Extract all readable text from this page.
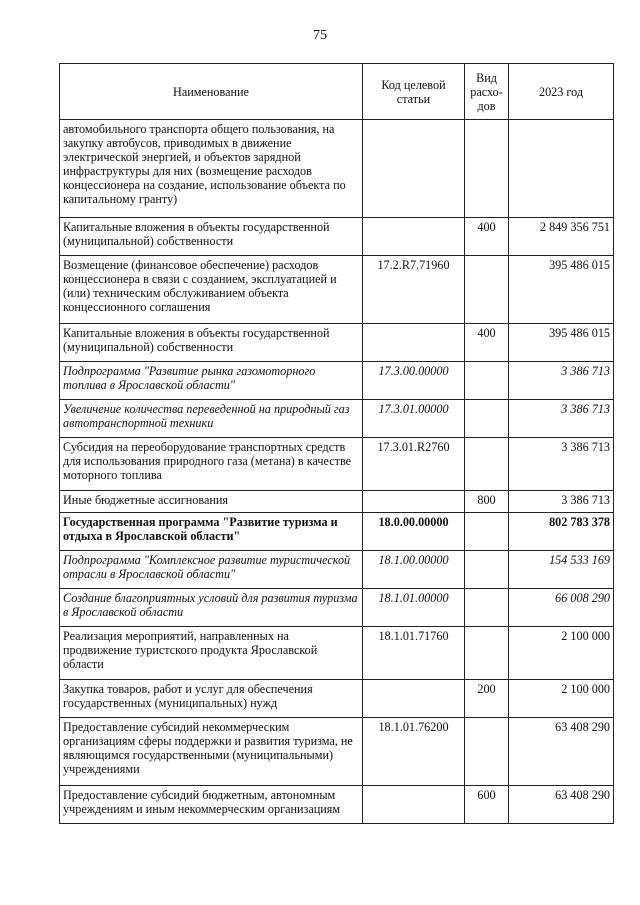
75
Наименование	Код целевой статьи	Вид расхо-дов	2023 год
автомобильного транспорта общего пользования, на закупку автобусов, приводимых в движение электрической энергией, и объектов зарядной инфраструктуры для них (возмещение расходов концессионера на создание, использование объекта по капитальному гранту)			
Капитальные вложения в объекты государственной (муниципальной) собственности		400	2 849 356 751
Возмещение (финансовое обеспечение) расходов концессионера в связи с созданием, эксплуатацией и (или) техническим обслуживанием объекта концессионного соглашения	17.2.R7.71960		395 486 015
Капитальные вложения в объекты государственной (муниципальной) собственности		400	395 486 015
Подпрограмма "Развитие рынка газомоторного топлива в Ярославской области"	17.3.00.00000		3 386 713
Увеличение количества переведенной на природный газ автотранспортной техники	17.3.01.00000		3 386 713
Субсидия на переоборудование транспортных средств для использования природного газа (метана) в качестве моторного топлива	17.3.01.R2760		3 386 713
Иные бюджетные ассигнования		800	3 386 713
Государственная программа "Развитие туризма и отдыха в Ярославской области"	18.0.00.00000		802 783 378
Подпрограмма "Комплексное развитие туристической отрасли в Ярославской области"	18.1.00.00000		154 533 169
Создание благоприятных условий для развития туризма в Ярославской области	18.1.01.00000		66 008 290
Реализация мероприятий, направленных на продвижение туристского продукта Ярославской области	18.1.01.71760		2 100 000
Закупка товаров, работ и услуг для обеспечения государственных (муниципальных) нужд		200	2 100 000
Предоставление субсидий некоммерческим организациям сферы поддержки и развития туризма, не являющимся государственными (муниципальными) учреждениями	18.1.01.76200		63 408 290
Предоставление субсидий бюджетным, автономным учреждениям и иным некоммерческим организациям		600	63 408 290
